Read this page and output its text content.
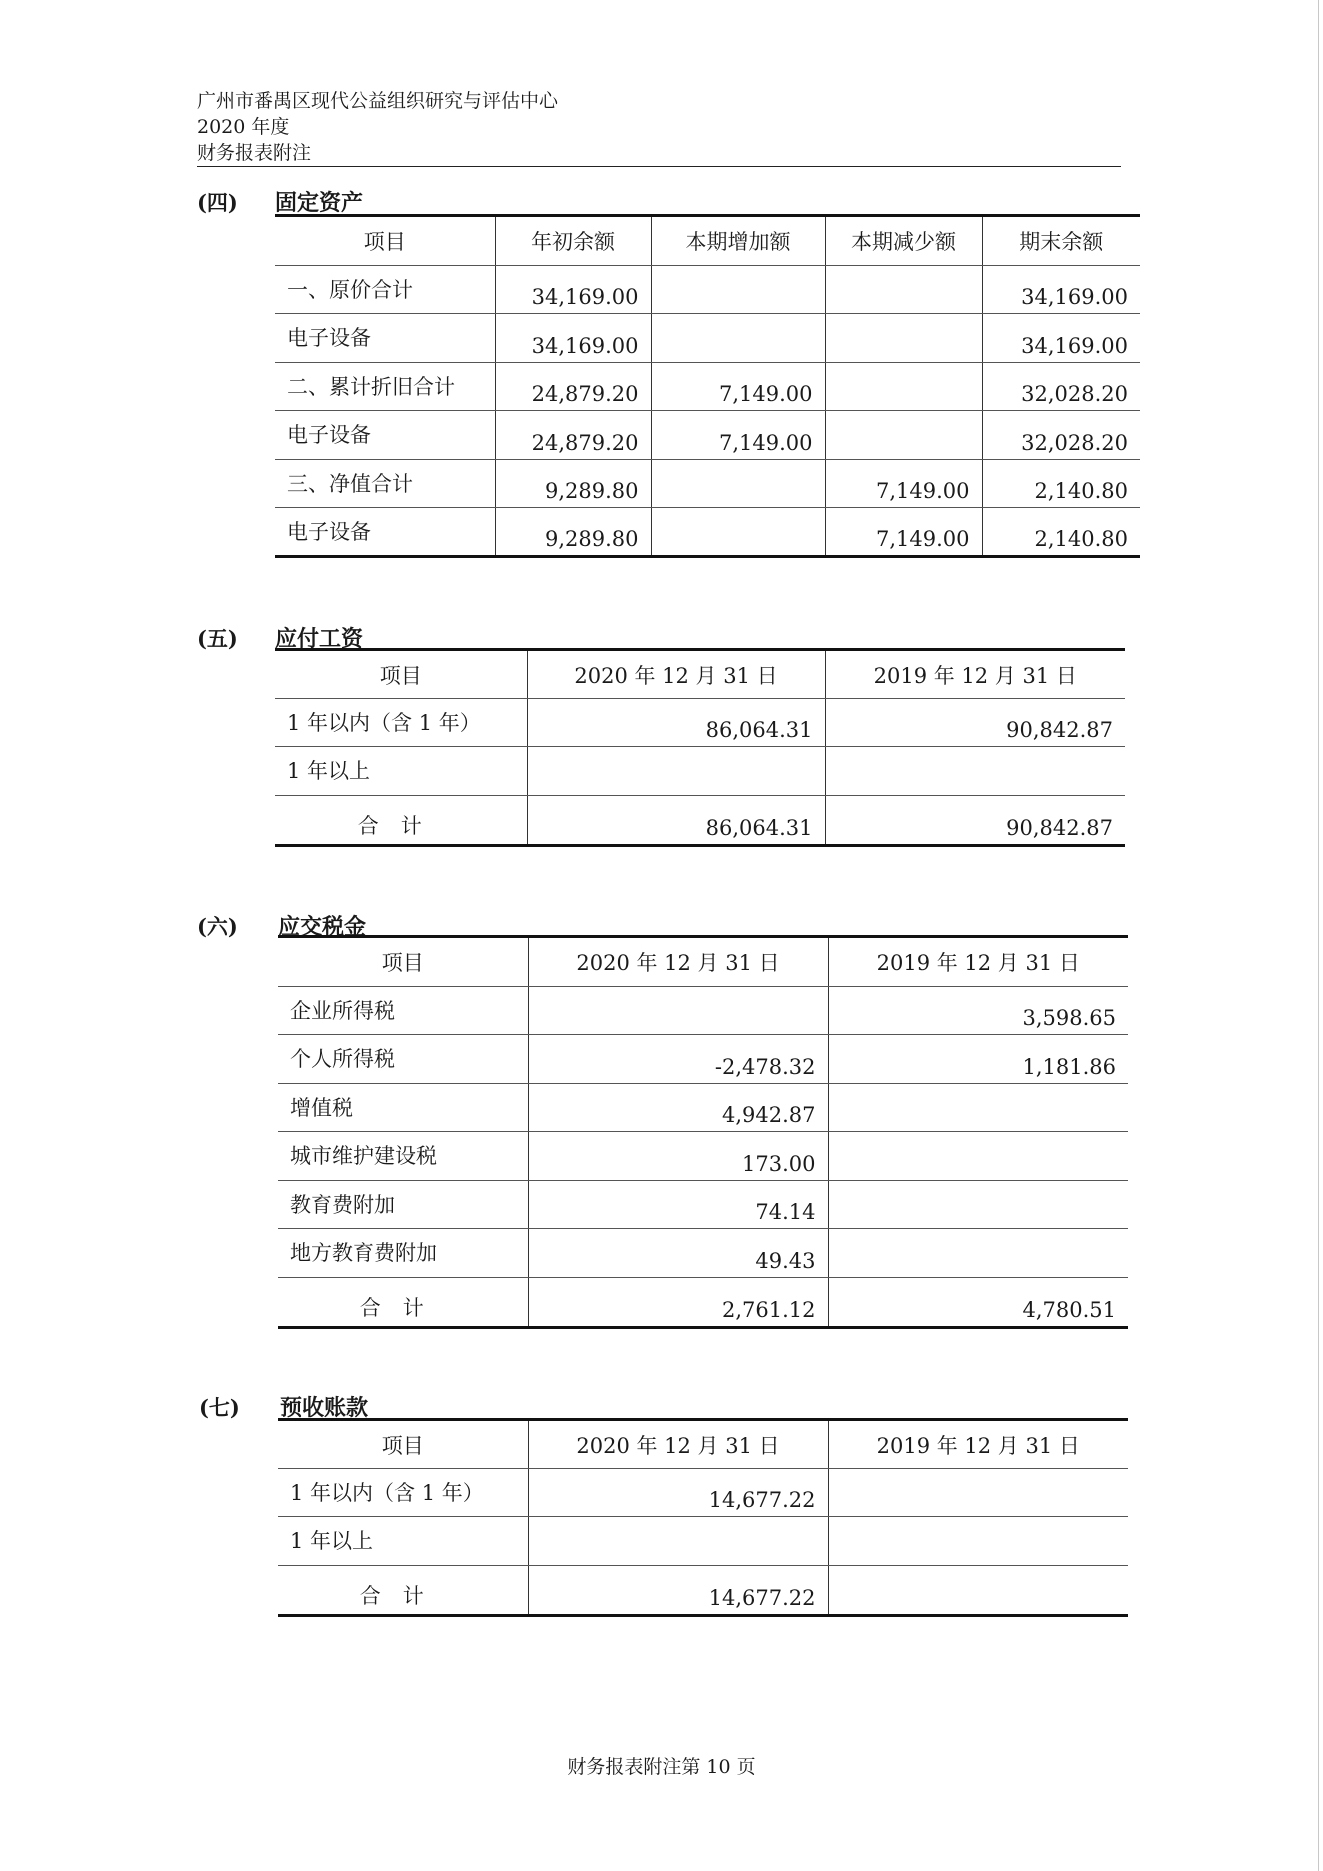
广州市番禺区现代公益组织研究与评估中心
2020 年度
财务报表附注
(四) 固定资产
项目	年初余额	本期增加额	本期减少额	期末余额
一、原价合计	34,169.00			34,169.00
电子设备	34,169.00			34,169.00
二、累计折旧合计	24,879.20	7,149.00		32,028.20
电子设备	24,879.20	7,149.00		32,028.20
三、净值合计	9,289.80		7,149.00	2,140.80
电子设备	9,289.80		7,149.00	2,140.80
(五) 应付工资
项目	2020 年 12 月 31 日	2019 年 12 月 31 日
1 年以内（含 1 年）	86,064.31	90,842.87
1 年以上		
合计	86,064.31	90,842.87
(六) 应交税金
项目	2020 年 12 月 31 日	2019 年 12 月 31 日
企业所得税		3,598.65
个人所得税	-2,478.32	1,181.86
增值税	4,942.87	
城市维护建设税	173.00	
教育费附加	74.14	
地方教育费附加	49.43	
合计	2,761.12	4,780.51
(七) 预收账款
项目	2020 年 12 月 31 日	2019 年 12 月 31 日
1 年以内（含 1 年）	14,677.22	
1 年以上		
合计	14,677.22	
财务报表附注第 10 页
